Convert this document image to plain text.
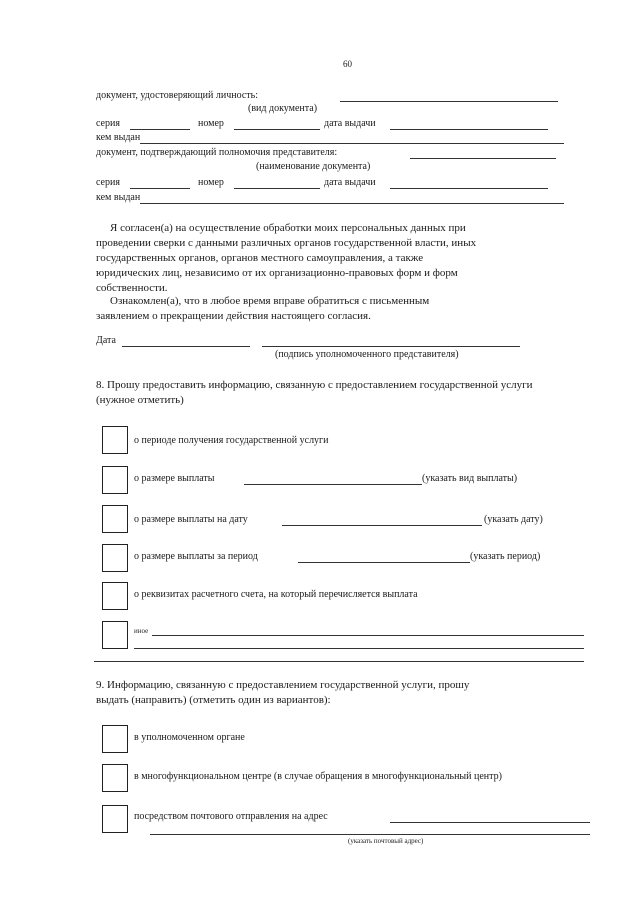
60
документ, удостоверяющий личность:
(вид документа)
серия	номер	дата выдачи
кем выдан
документ, подтверждающий полномочия представителя:
(наименование документа)
серия	номер	дата выдачи
кем выдан
Я согласен(а) на осуществление обработки моих персональных данных при
проведении сверки с данными различных органов государственной власти, иных
государственных органов, органов местного самоуправления, а также
юридических лиц, независимо от их организационно-правовых форм и форм
собственности.
Ознакомлен(а), что в любое время вправе обратиться с письменным
заявлением о прекращении действия настоящего согласия.
Дата
(подпись уполномоченного представителя)
8. Прошу предоставить информацию, связанную с предоставлением государственной услуги
(нужное отметить)
о периоде получения государственной услуги
о размере выплаты	(указать вид выплаты)
о размере выплаты на дату	(указать дату)
о размере выплаты за период	(указать период)
о реквизитах расчетного счета, на который перечисляется выплата
иное
9. Информацию, связанную с предоставлением государственной услуги, прошу
выдать (направить) (отметить один из вариантов):
в уполномоченном органе
в многофункциональном центре (в случае обращения в многофункциональный центр)
посредством почтового отправления на адрес
(указать почтовый адрес)
